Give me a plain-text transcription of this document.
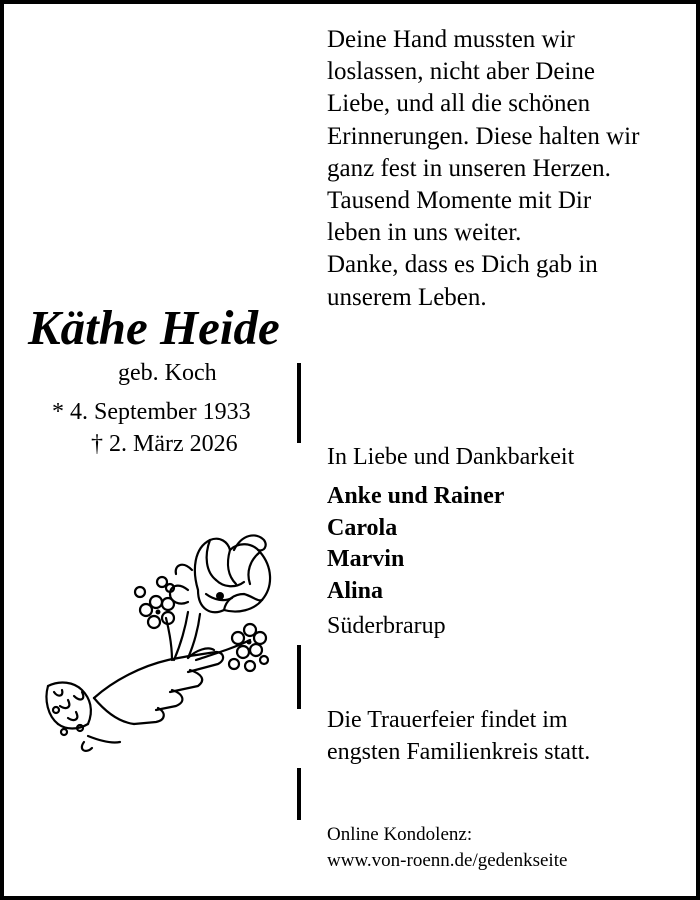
Deine Hand mussten wir
loslassen, nicht aber Deine
Liebe, und all die schönen
Erinnerungen. Diese halten wir
ganz fest in unseren Herzen.
Tausend Momente mit Dir
leben in uns weiter.
Danke, dass es Dich gab in
unserem Leben.
Käthe Heide
geb. Koch
* 4. September 1933
† 2. März 2026	In Liebe und Dankbarkeit
Anke und Rainer
Carola
Marvin
Alina
Süderbrarup
Die Trauerfeier findet im
engsten Familienkreis statt.
Online Kondolenz:
www.von-roenn.de/gedenkseite
